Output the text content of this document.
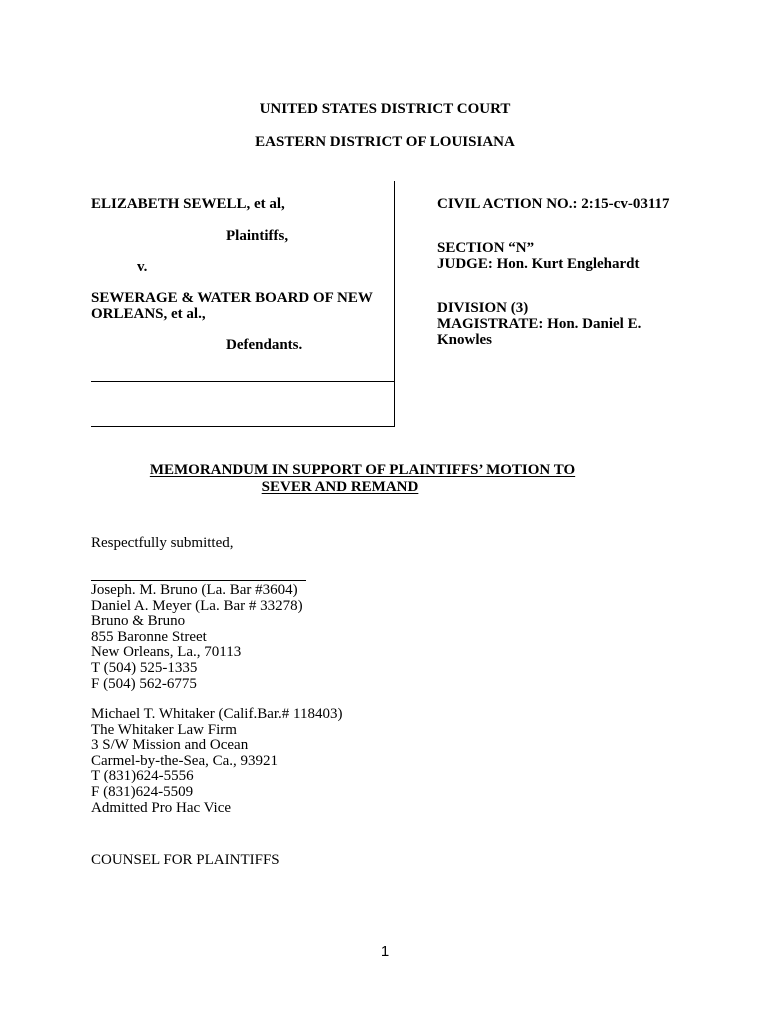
UNITED STATES DISTRICT COURT
EASTERN DISTRICT OF LOUISIANA
ELIZABETH SEWELL, et al,
Plaintiffs,
v.
SEWERAGE & WATER BOARD OF NEW
ORLEANS, et al.,
Defendants.
CIVIL ACTION NO.: 2:15-cv-03117
SECTION “N”
JUDGE: Hon. Kurt Englehardt
DIVISION (3)
MAGISTRATE: Hon. Daniel E.
Knowles
MEMORANDUM IN SUPPORT OF PLAINTIFFS’ MOTION TO
SEVER AND REMAND
Respectfully submitted,
Joseph. M. Bruno (La. Bar #3604)
Daniel A. Meyer (La. Bar # 33278)
Bruno & Bruno
855 Baronne Street
New Orleans, La., 70113
T (504) 525-1335
F (504) 562-6775
Michael T. Whitaker (Calif.Bar.# 118403)
The Whitaker Law Firm
3 S/W Mission and Ocean
Carmel-by-the-Sea, Ca., 93921
T (831)624-5556
F (831)624-5509
Admitted Pro Hac Vice
COUNSEL FOR PLAINTIFFS
1
